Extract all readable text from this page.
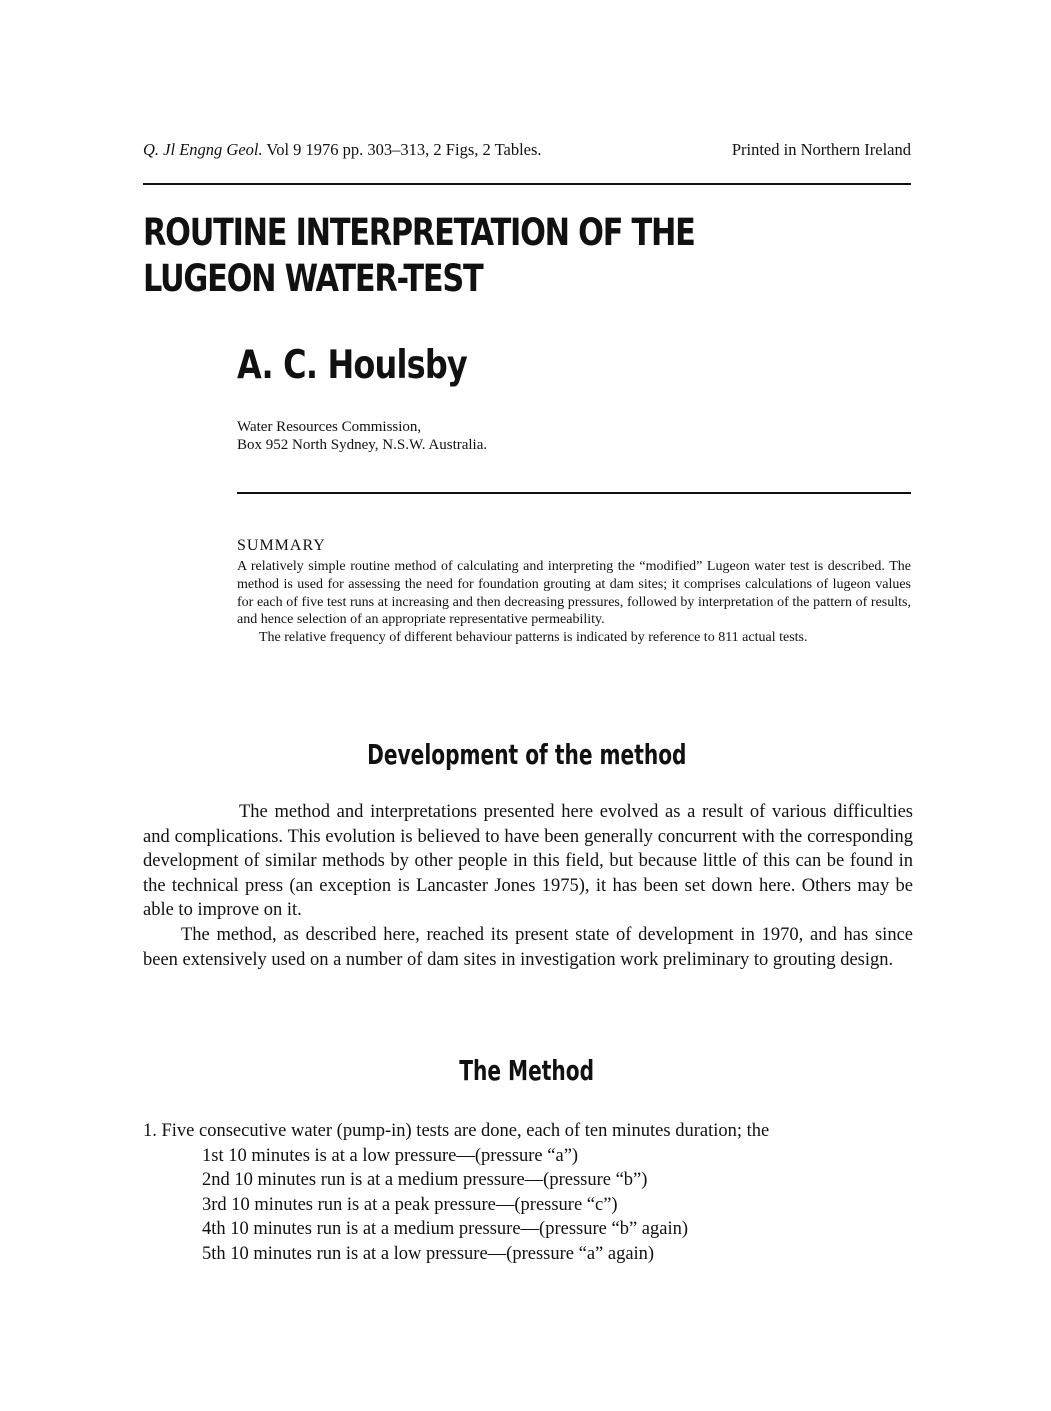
Q. Jl Engng Geol. Vol 9 1976 pp. 303–313, 2 Figs, 2 Tables.	Printed in Northern Ireland
ROUTINE INTERPRETATION OF THE
LUGEON WATER-TEST
A. C. Houlsby
Water Resources Commission,
Box 952 North Sydney, N.S.W. Australia.
SUMMARY

A relatively simple routine method of calculating and interpreting the “modified” Lugeon water test is described. The method is used for assessing the need for foundation grouting at dam sites; it comprises calculations of lugeon values for each of five test runs at increasing and then decreasing pressures, followed by interpretation of the pattern of results, and hence selection of an appropriate representative permeability.

The relative frequency of different behaviour patterns is indicated by reference to 811 actual tests.

Development of the method

The method and interpretations presented here evolved as a result of various difficulties and complications. This evolution is believed to have been generally concurrent with the corresponding development of similar methods by other people in this field, but because little of this can be found in the technical press (an exception is Lancaster Jones 1975), it has been set down here. Others may be able to improve on it.

The method, as described here, reached its present state of development in 1970, and has since been extensively used on a number of dam sites in investigation work preliminary to grouting design.

The Method
1. Five consecutive water (pump-in) tests are done, each of ten minutes duration; the
1st 10 minutes is at a low pressure—(pressure “a”)
2nd 10 minutes run is at a medium pressure—(pressure “b”)
3rd 10 minutes run is at a peak pressure—(pressure “c”)
4th 10 minutes run is at a medium pressure—(pressure “b” again)
5th 10 minutes run is at a low pressure—(pressure “a” again)
